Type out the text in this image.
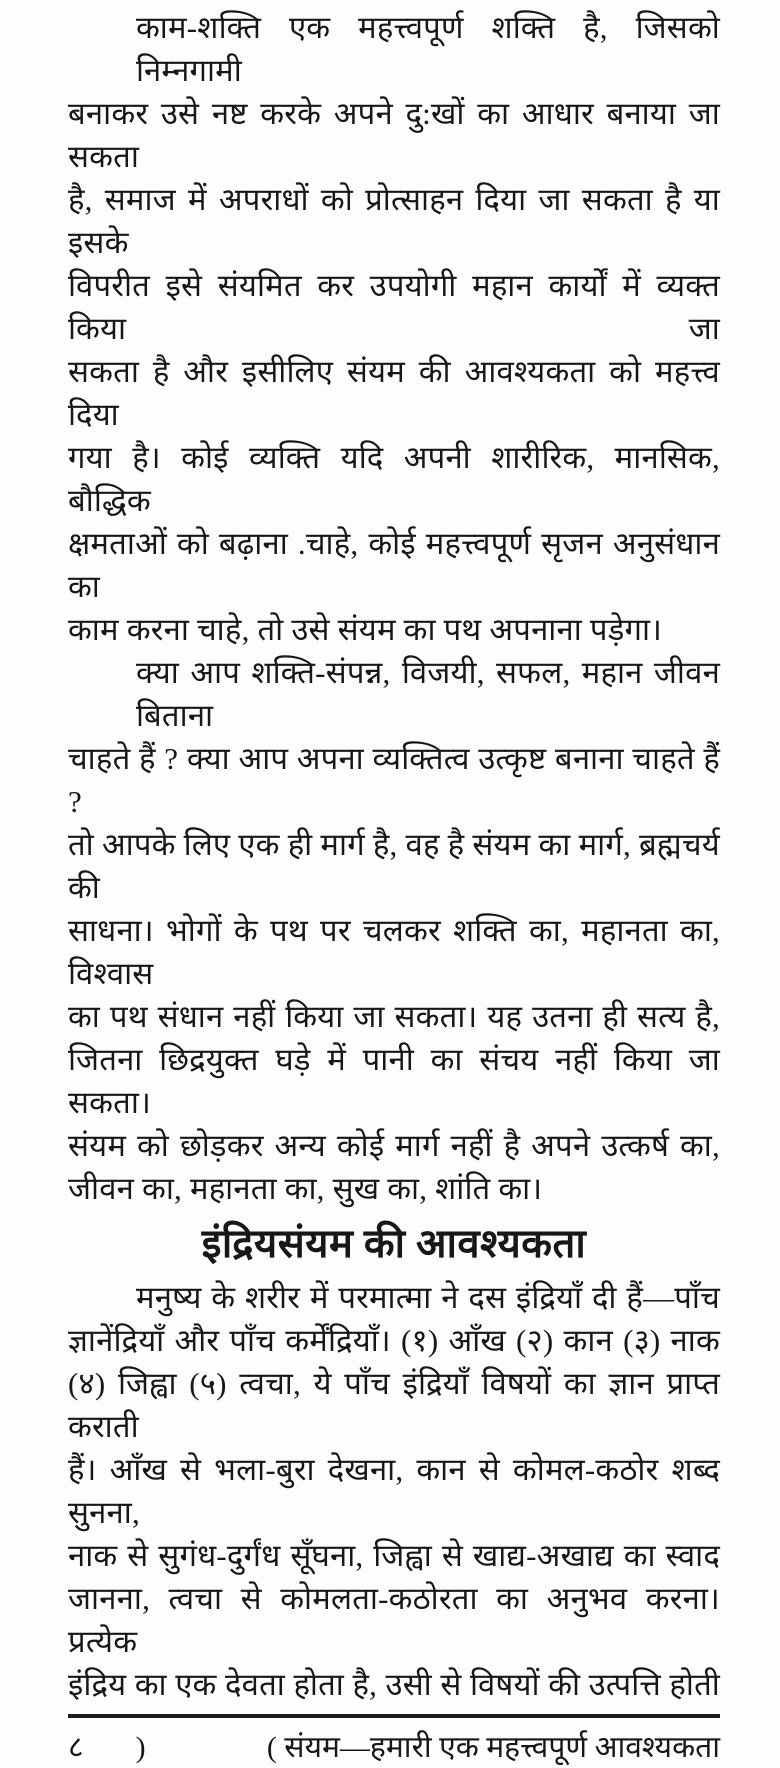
काम-शक्ति एक महत्त्वपूर्ण शक्ति है, जिसको निम्नगामी
बनाकर उसे नष्ट करके अपने दु:खों का आधार बनाया जा सकता
है, समाज में अपराधों को प्रोत्साहन दिया जा सकता है या इसके
विपरीत इसे संयमित कर उपयोगी महान कार्यों में व्यक्त किया जा
सकता है और इसीलिए संयम की आवश्यकता को महत्त्व दिया
गया है। कोई व्यक्ति यदि अपनी शारीरिक, मानसिक, बौद्धिक
क्षमताओं को बढ़ाना .चाहे, कोई महत्त्वपूर्ण सृजन अनुसंधान का
काम करना चाहे, तो उसे संयम का पथ अपनाना पड़ेगा।
क्या आप शक्ति-संपन्न, विजयी, सफल, महान जीवन बिताना
चाहते हैं ? क्या आप अपना व्यक्तित्व उत्कृष्ट बनाना चाहते हैं ?
तो आपके लिए एक ही मार्ग है, वह है संयम का मार्ग, ब्रह्मचर्य की
साधना। भोगों के पथ पर चलकर शक्ति का, महानता का, विश्वास
का पथ संधान नहीं किया जा सकता। यह उतना ही सत्य है,
जितना छिद्रयुक्त घड़े में पानी का संचय नहीं किया जा सकता।
संयम को छोड़कर अन्य कोई मार्ग नहीं है अपने उत्कर्ष का,
जीवन का, महानता का, सुख का, शांति का।
इंद्रियसंयम की आवश्यकता
मनुष्य के शरीर में परमात्मा ने दस इंद्रियाँ दी हैं—पाँच
ज्ञानेंद्रियाँ और पाँच कर्मेंद्रियाँ। (१) आँख (२) कान (३) नाक
(४) जिह्वा (५) त्वचा, ये पाँच इंद्रियाँ विषयों का ज्ञान प्राप्त कराती
हैं। आँख से भला-बुरा देखना, कान से कोमल-कठोर शब्द सुनना,
नाक से सुगंध-दुर्गंध सूँघना, जिह्वा से खाद्य-अखाद्य का स्वाद
जानना, त्वचा से कोमलता-कठोरता का अनुभव करना। प्रत्येक
इंद्रिय का एक देवता होता है, उसी से विषयों की उत्पत्ति होती
८ )	( संयम—हमारी एक महत्त्वपूर्ण आवश्यकता
